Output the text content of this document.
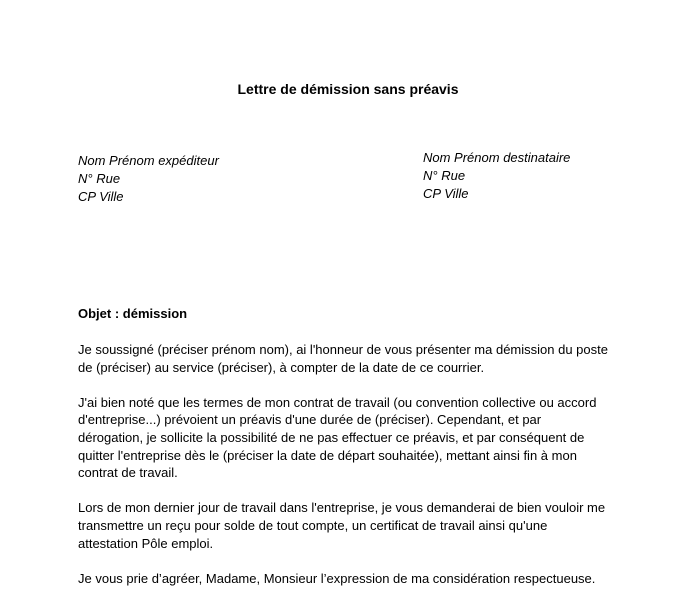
Lettre de démission sans préavis
Nom Prénom expéditeur
N° Rue
CP Ville
Nom Prénom destinataire
N° Rue
CP Ville
Objet : démission

Je soussigné (préciser prénom nom), ai l'honneur de vous présenter ma démission du poste
de (préciser) au service (préciser), à compter de la date de ce courrier.

J'ai bien noté que les termes de mon contrat de travail (ou convention collective ou accord
d'entreprise...) prévoient un préavis d'une durée de (préciser). Cependant, et par
dérogation, je sollicite la possibilité de ne pas effectuer ce préavis, et par conséquent de
quitter l'entreprise dès le (préciser la date de départ souhaitée), mettant ainsi fin à mon
contrat de travail.

Lors de mon dernier jour de travail dans l'entreprise, je vous demanderai de bien vouloir me
transmettre un reçu pour solde de tout compte, un certificat de travail ainsi qu'une
attestation Pôle emploi.

Je vous prie d’agréer, Madame, Monsieur l’expression de ma considération respectueuse.
